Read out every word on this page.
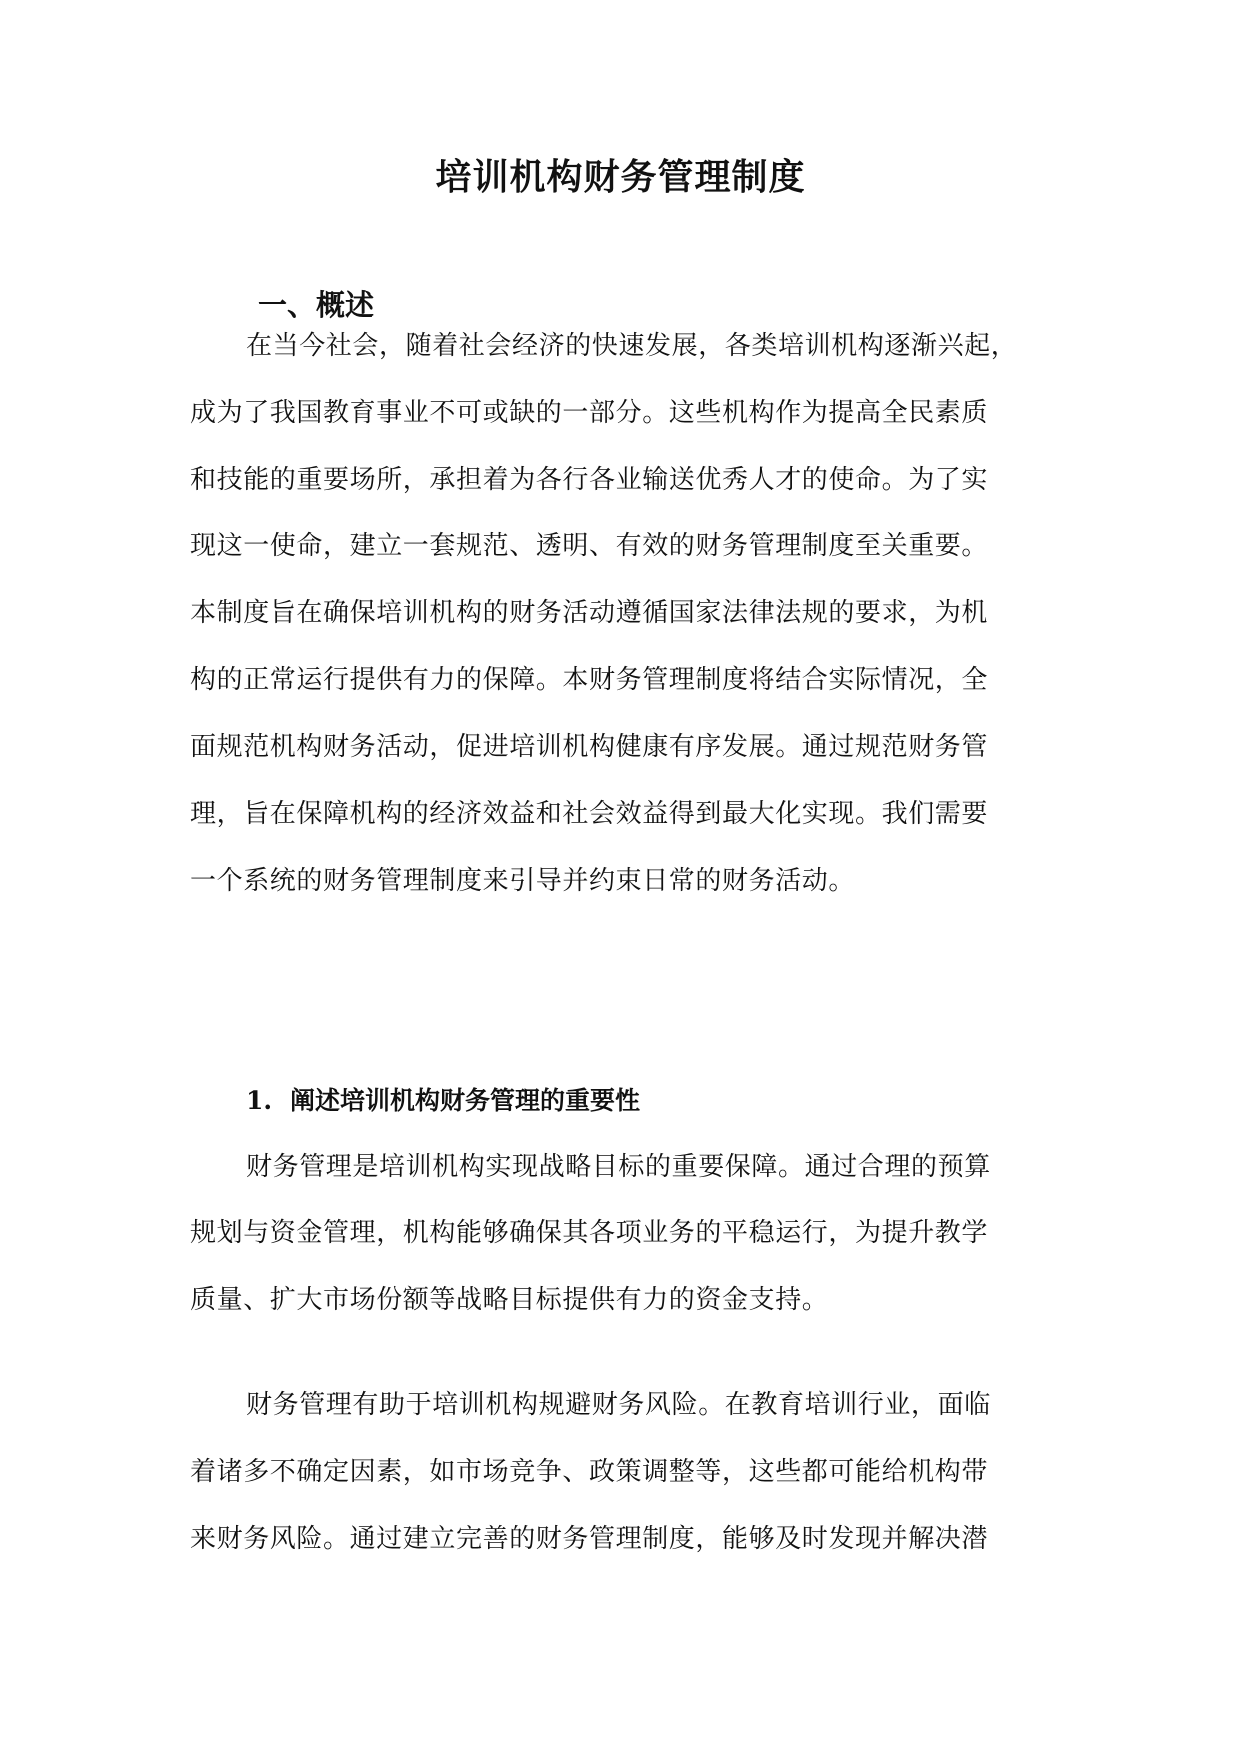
培训机构财务管理制度
一、概述
在当今社会，随着社会经济的快速发展，各类培训机构逐渐兴起，
成为了我国教育事业不可或缺的一部分。这些机构作为提高全民素质
和技能的重要场所，承担着为各行各业输送优秀人才的使命。为了实
现这一使命，建立一套规范、透明、有效的财务管理制度至关重要。
本制度旨在确保培训机构的财务活动遵循国家法律法规的要求，为机
构的正常运行提供有力的保障。本财务管理制度将结合实际情况，全
面规范机构财务活动，促进培训机构健康有序发展。通过规范财务管
理，旨在保障机构的经济效益和社会效益得到最大化实现。我们需要
一个系统的财务管理制度来引导并约束日常的财务活动。
1. 阐述培训机构财务管理的重要性
财务管理是培训机构实现战略目标的重要保障。通过合理的预算
规划与资金管理，机构能够确保其各项业务的平稳运行，为提升教学
质量、扩大市场份额等战略目标提供有力的资金支持。
财务管理有助于培训机构规避财务风险。在教育培训行业，面临
着诸多不确定因素，如市场竞争、政策调整等，这些都可能给机构带
来财务风险。通过建立完善的财务管理制度，能够及时发现并解决潜
